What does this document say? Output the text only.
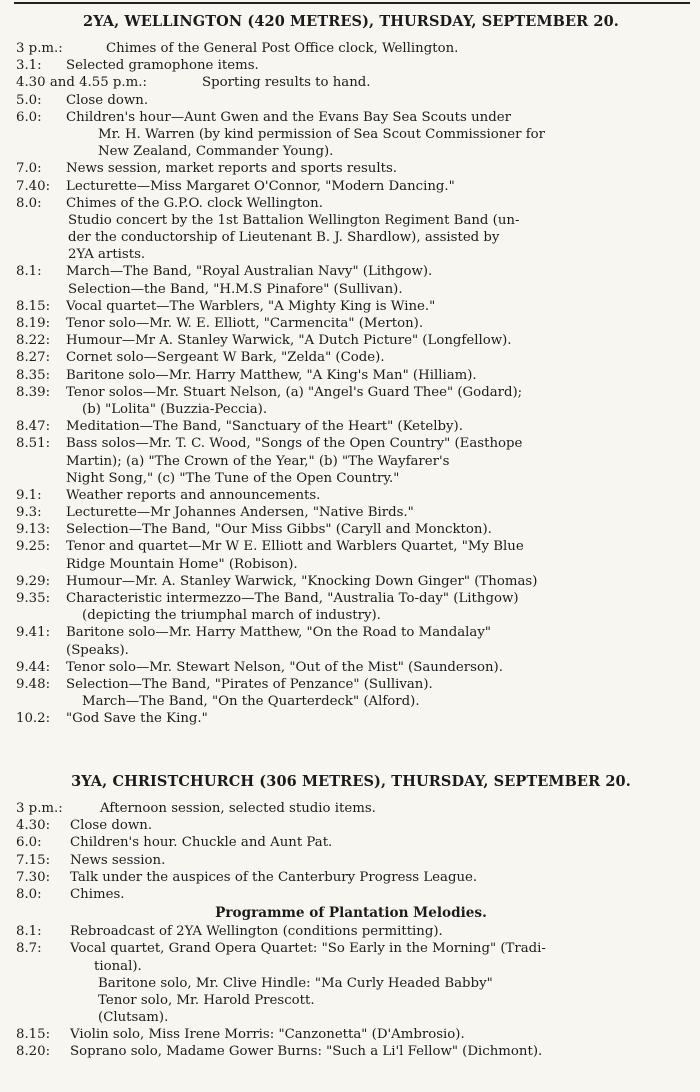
2YA, WELLINGTON (420 METRES), THURSDAY, SEPTEMBER 20.
3 p.m.:	Chimes of the General Post Office clock, Wellington.
3.1: Selected gramophone items.
4.30 and 4.55 p.m.:	Sporting results to hand.
5.0: Close down.
6.0: Children's hour—Aunt Gwen and the Evans Bay Sea Scouts under
Mr. H. Warren (by kind permission of Sea Scout Commissioner for
New Zealand, Commander Young).
7.0: News session, market reports and sports results.
7.40: Lecturette—Miss Margaret O'Connor, "Modern Dancing."
8.0: Chimes of the G.P.O. clock Wellington.
Studio concert by the 1st Battalion Wellington Regiment Band (un-
der the conductorship of Lieutenant B. J. Shardlow), assisted by
2YA artists.
8.1: March—The Band, "Royal Australian Navy" (Lithgow).
Selection—the Band, "H.M.S Pinafore" (Sullivan).
8.15: Vocal quartet—The Warblers, "A Mighty King is Wine."
8.19: Tenor solo—Mr. W. E. Elliott, "Carmencita" (Merton).
8.22: Humour—Mr A. Stanley Warwick, "A Dutch Picture" (Longfellow).
8.27: Cornet solo—Sergeant W Bark, "Zelda" (Code).
8.35: Baritone solo—Mr. Harry Matthew, "A King's Man" (Hilliam).
8.39: Tenor solos—Mr. Stuart Nelson, (a) "Angel's Guard Thee" (Godard);
(b) "Lolita" (Buzzia-Peccia).
8.47: Meditation—The Band, "Sanctuary of the Heart" (Ketelby).
8.51: Bass solos—Mr. T. C. Wood, "Songs of the Open Country" (Easthope
Martin); (a) "The Crown of the Year," (b) "The Wayfarer's
Night Song," (c) "The Tune of the Open Country."
9.1: Weather reports and announcements.
9.3: Lecturette—Mr Johannes Andersen, "Native Birds."
9.13: Selection—The Band, "Our Miss Gibbs" (Caryll and Monckton).
9.25: Tenor and quartet—Mr W E. Elliott and Warblers Quartet, "My Blue
Ridge Mountain Home" (Robison).
9.29: Humour—Mr. A. Stanley Warwick, "Knocking Down Ginger" (Thomas)
9.35: Characteristic intermezzo—The Band, "Australia To-day" (Lithgow)
(depicting the triumphal march of industry).
9.41: Baritone solo—Mr. Harry Matthew, "On the Road to Mandalay"
(Speaks).
9.44: Tenor solo—Mr. Stewart Nelson, "Out of the Mist" (Saunderson).
9.48: Selection—The Band, "Pirates of Penzance" (Sullivan).
March—The Band, "On the Quarterdeck" (Alford).
10.2: "God Save the King."
3YA, CHRISTCHURCH (306 METRES), THURSDAY, SEPTEMBER 20.
3 p.m.:	Afternoon session, selected studio items.
4.30: Close down.
6.0: Children's hour. Chuckle and Aunt Pat.
7.15: News session.
7.30: Talk under the auspices of the Canterbury Progress League.
8.0: Chimes.
Programme of Plantation Melodies.
8.1: Rebroadcast of 2YA Wellington (conditions permitting).
8.7: Vocal quartet, Grand Opera Quartet: "So Early in the Morning" (Tradi-
tional).
Baritone solo, Mr. Clive Hindle: "Ma Curly Headed Babby"
Tenor solo, Mr. Harold Prescott.
(Clutsam).
8.15: Violin solo, Miss Irene Morris: "Canzonetta" (D'Ambrosio).
8.20: Soprano solo, Madame Gower Burns: "Such a Li'l Fellow" (Dichmont).
